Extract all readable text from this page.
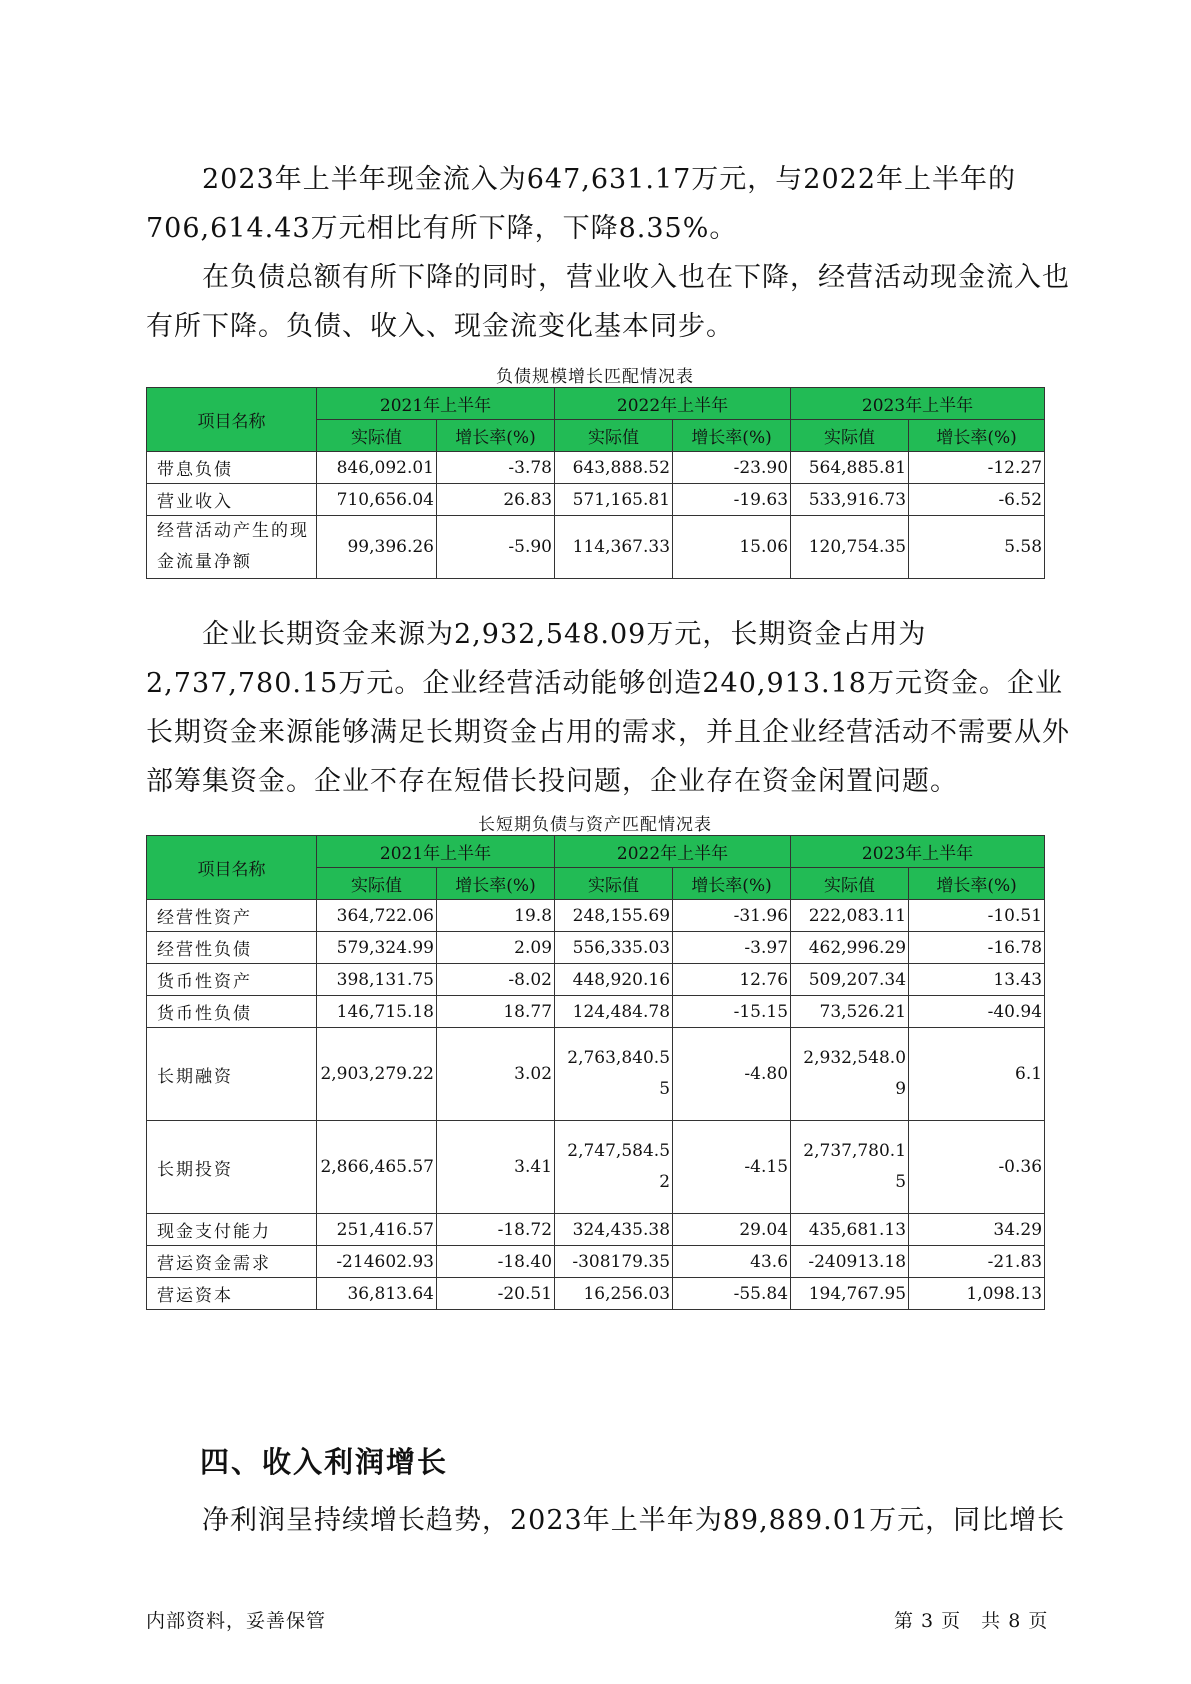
2023年上半年现金流入为647,631.17万元，与2022年上半年的706,614.43万元相比有所下降，下降8.35%。

在负债总额有所下降的同时，营业收入也在下降，经营活动现金流入也有所下降。负债、收入、现金流变化基本同步。

负债规模增长匹配情况表
项目名称	2021年上半年		2022年上半年		2023年上半年	
	实际值	增长率(%)	实际值	增长率(%)	实际值	增长率(%)
带息负债	846,092.01	-3.78	643,888.52	-23.90	564,885.81	-12.27
营业收入	710,656.04	26.83	571,165.81	-19.63	533,916.73	-6.52
经营活动产生的现金流量净额	99,396.26	-5.90	114,367.33	15.06	120,754.35	5.58

企业长期资金来源为2,932,548.09万元，长期资金占用为2,737,780.15万元。企业经营活动能够创造240,913.18万元资金。企业长期资金来源能够满足长期资金占用的需求，并且企业经营活动不需要从外部筹集资金。企业不存在短借长投问题，企业存在资金闲置问题。

长短期负债与资产匹配情况表
项目名称	2021年上半年		2022年上半年		2023年上半年	
	实际值	增长率(%)	实际值	增长率(%)	实际值	增长率(%)
经营性资产	364,722.06	19.8	248,155.69	-31.96	222,083.11	-10.51
经营性负债	579,324.99	2.09	556,335.03	-3.97	462,996.29	-16.78
货币性资产	398,131.75	-8.02	448,920.16	12.76	509,207.34	13.43
货币性负债	146,715.18	18.77	124,484.78	-15.15	73,526.21	-40.94
长期融资	2,903,279.22	3.02	2,763,840.55	-4.80	2,932,548.09	6.1
长期投资	2,866,465.57	3.41	2,747,584.52	-4.15	2,737,780.15	-0.36
现金支付能力	251,416.57	-18.72	324,435.38	29.04	435,681.13	34.29
营运资金需求	-214602.93	-18.40	-308179.35	43.6	-240913.18	-21.83
营运资本	36,813.64	-20.51	16,256.03	-55.84	194,767.95	1,098.13
四、收入利润增长

净利润呈持续增长趋势，2023年上半年为89,889.01万元，同比增长

内部资料，妥善保管	第 3 页　共 8 页
